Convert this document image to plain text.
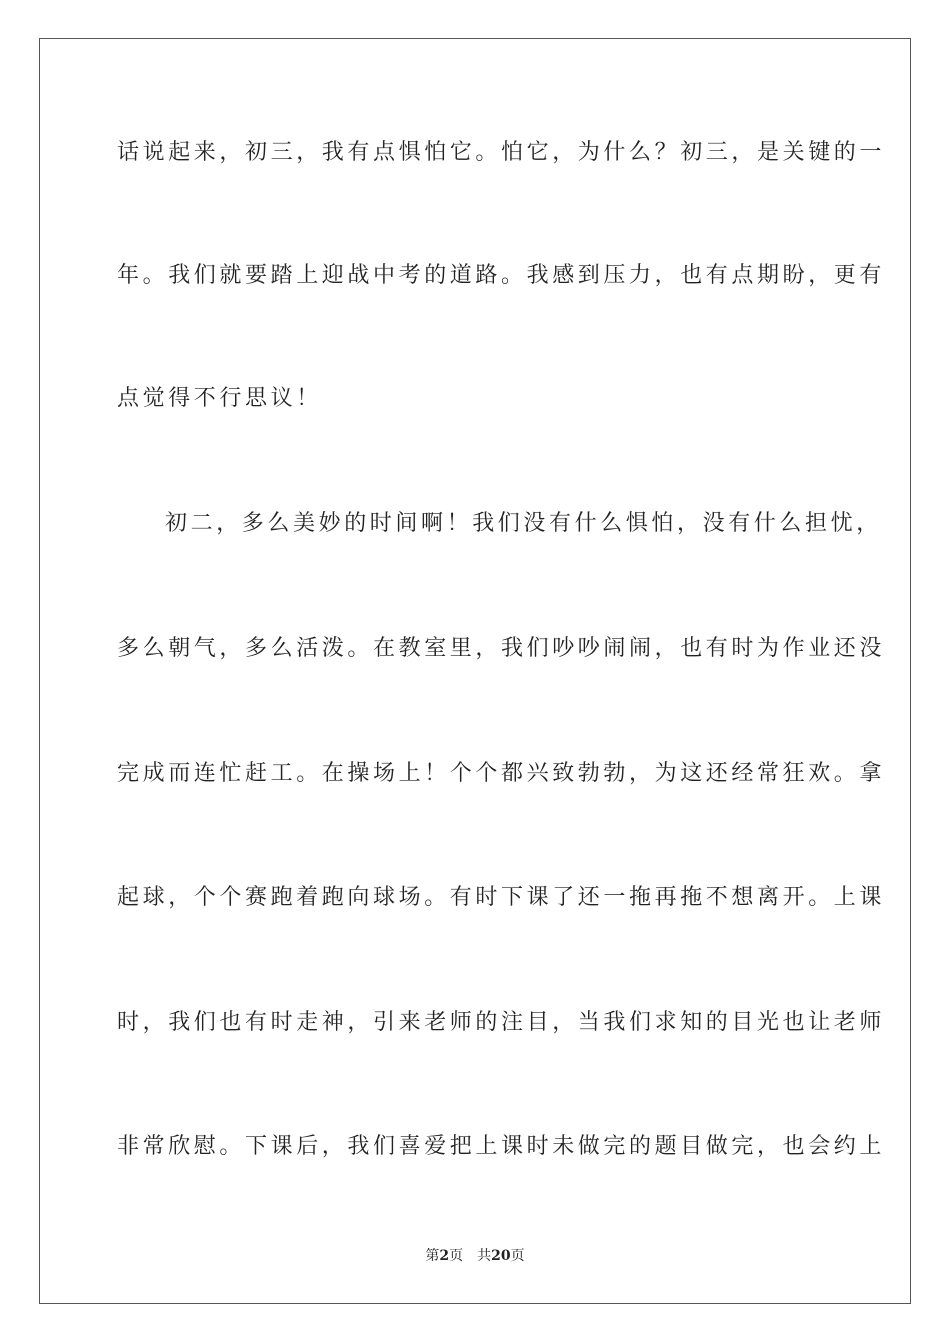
话说起来，初三，我有点惧怕它。怕它，为什么？初三，是关键的一
年。我们就要踏上迎战中考的道路。我感到压力，也有点期盼，更有
点觉得不行思议！
初二，多么美妙的时间啊！我们没有什么惧怕，没有什么担忧，
多么朝气，多么活泼。在教室里，我们吵吵闹闹，也有时为作业还没
完成而连忙赶工。在操场上！个个都兴致勃勃，为这还经常狂欢。拿
起球，个个赛跑着跑向球场。有时下课了还一拖再拖不想离开。上课
时，我们也有时走神，引来老师的注目，当我们求知的目光也让老师
非常欣慰。下课后，我们喜爱把上课时未做完的题目做完，也会约上
第2页 共20页
